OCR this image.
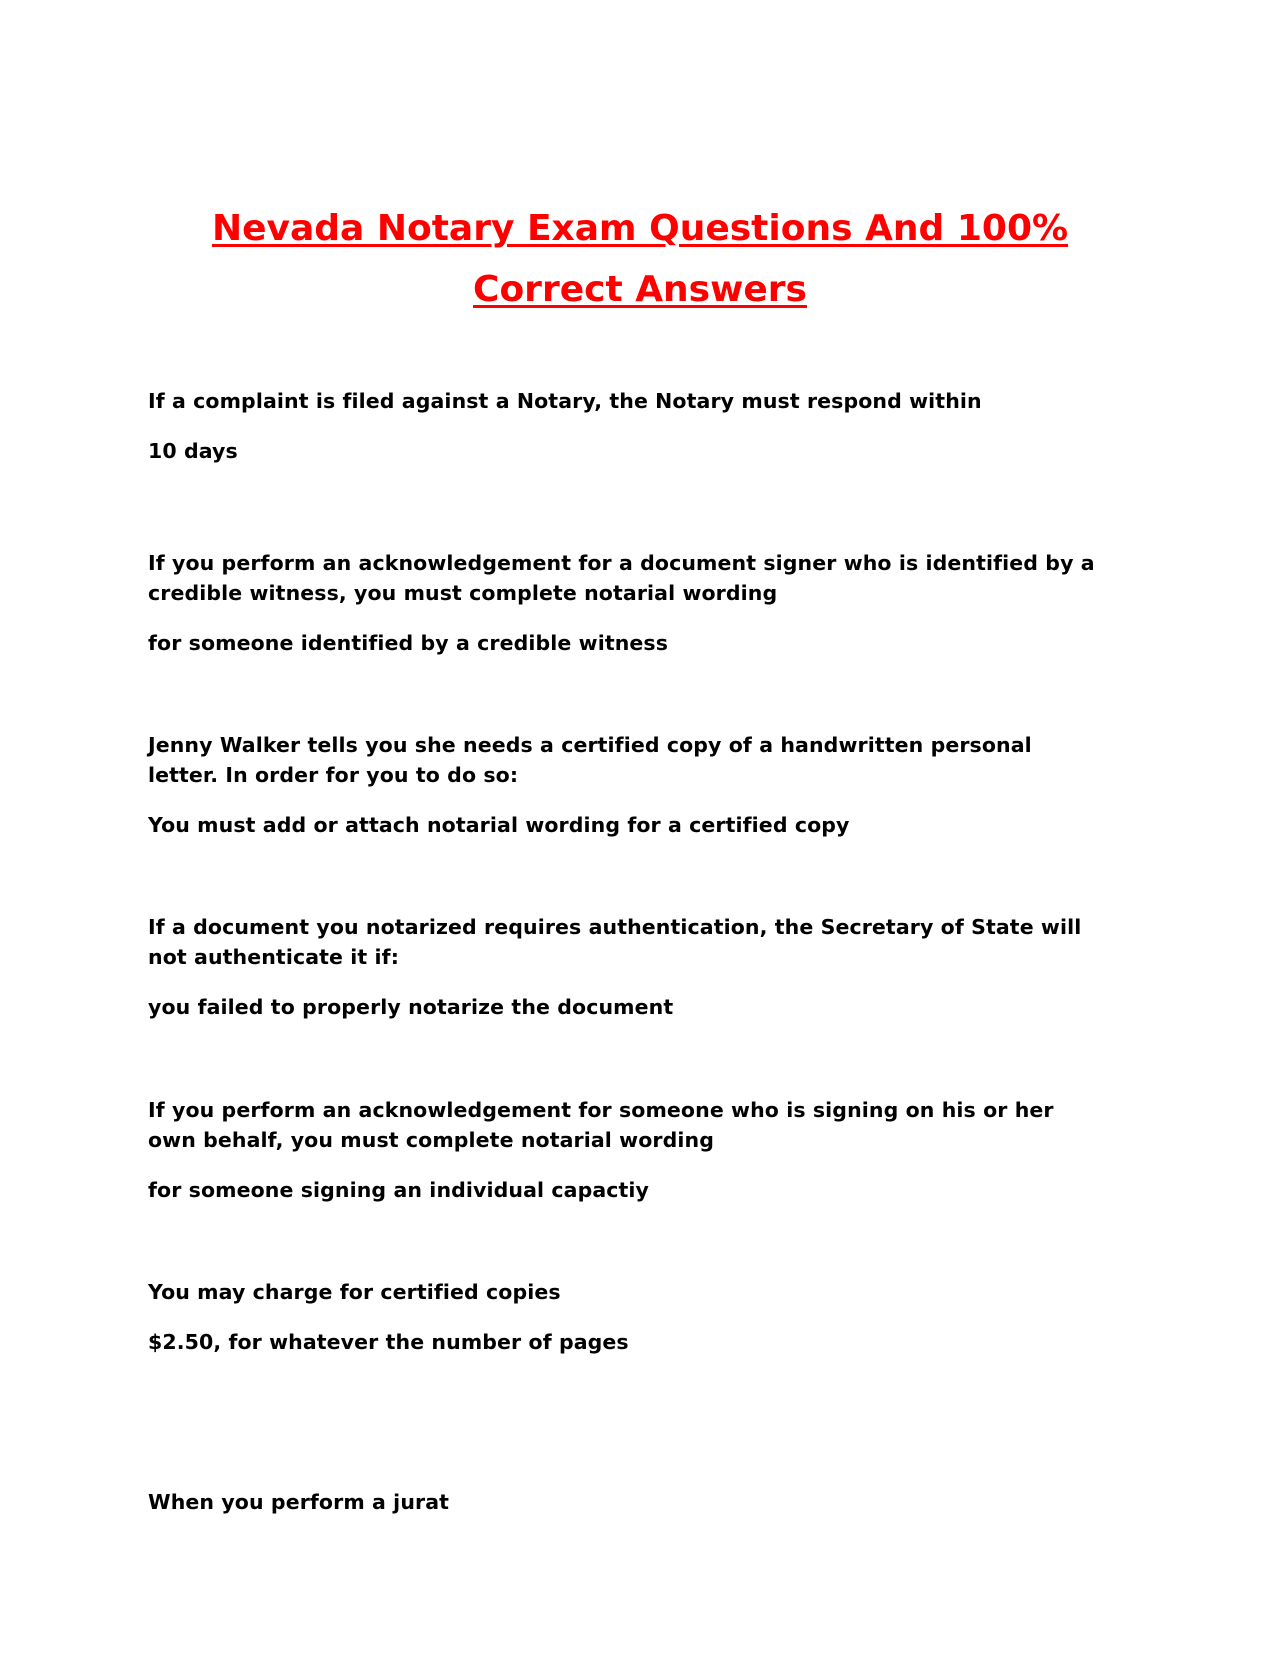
Nevada Notary Exam Questions And 100% Correct Answers

If a complaint is filed against a Notary, the Notary must respond within

10 days

If you perform an acknowledgement for a document signer who is identified by a credible witness, you must complete notarial wording

for someone identified by a credible witness

Jenny Walker tells you she needs a certified copy of a handwritten personal letter. In order for you to do so:

You must add or attach notarial wording for a certified copy

If a document you notarized requires authentication, the Secretary of State will not authenticate it if:

you failed to properly notarize the document

If you perform an acknowledgement for someone who is signing on his or her own behalf, you must complete notarial wording

for someone signing an individual capactiy

You may charge for certified copies

$2.50, for whatever the number of pages

When you perform a jurat
